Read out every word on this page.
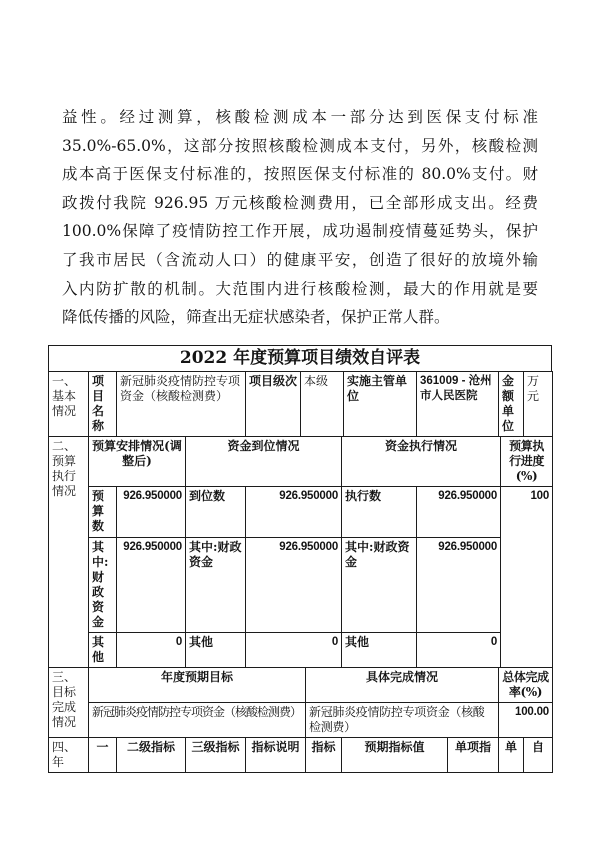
益性。经过测算，核酸检测成本一部分达到医保支付标准
35.0%-65.0%，这部分按照核酸检测成本支付，另外，核酸检测
成本高于医保支付标准的，按照医保支付标准的 80.0%支付。财
政拨付我院 926.95 万元核酸检测费用，已全部形成支出。经费
100.0%保障了疫情防控工作开展，成功遏制疫情蔓延势头，保护
了我市居民（含流动人口）的健康平安，创造了很好的放境外输
入内防扩散的机制。大范围内进行核酸检测，最大的作用就是要
降低传播的风险，筛查出无症状感染者，保护正常人群。
2022 年度预算项目绩效自评表
一、基本情况	项目名称	新冠肺炎疫情防控专项资金（核酸检测费）	项目级次	本级	实施主管单位	361009 - 沧州市人民医院	金额单位	万元
二、预算执行情况	预算安排情况(调整后)		资金到位情况		资金执行情况		预算执行进度(%)
	预算数	926.950000	到位数	926.950000	执行数	926.950000	100
	其中:财政资金	926.950000	其中:财政资金	926.950000	其中:财政资金	926.950000	
	其他	0	其他	0	其他	0	
三、目标完成情况	年度预期目标	具体完成情况	总体完成率(%)
	新冠肺炎疫情防控专项资金（核酸检测费）	新冠肺炎疫情防控专项资金（核酸检测费）	100.00
四、年	一	二级指标	三级指标	指标说明	指标	预期指标值	单项指	单	自
